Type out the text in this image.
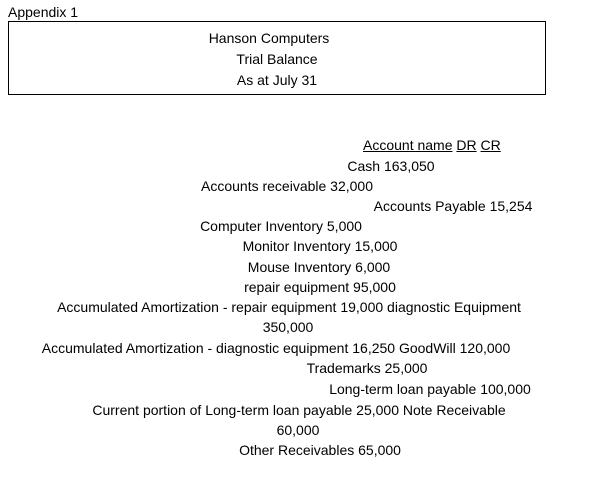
Appendix 1
Hanson Computers
Trial Balance
As at July 31
Account name DR CR
Cash 163,050
Accounts receivable 32,000
Accounts Payable 15,254
Computer Inventory 5,000
Monitor Inventory 15,000
Mouse Inventory 6,000
repair equipment 95,000
Accumulated Amortization - repair equipment 19,000 diagnostic Equipment
350,000
Accumulated Amortization - diagnostic equipment 16,250 GoodWill 120,000
Trademarks 25,000
Long-term loan payable 100,000
Current portion of Long-term loan payable 25,000 Note Receivable
60,000
Other Receivables 65,000
